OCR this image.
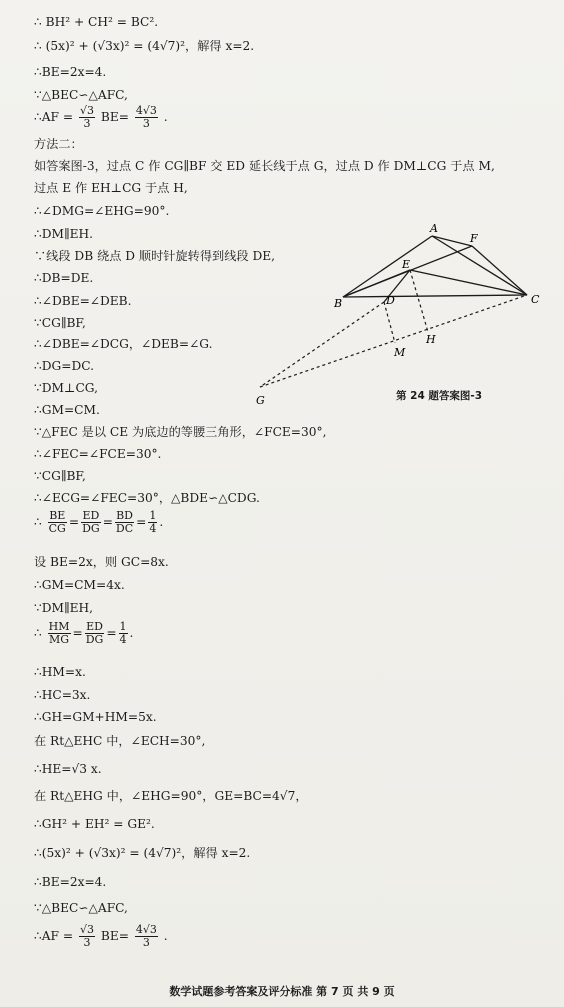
∴ BH² + CH² = BC².
∴ (5x)² + (√3x)² = (4√7)²，解得 x=2.
∴BE=2x=4.
∵△BEC∽△AFC,
∴AF = $\frac{√3}{3} BE= \frac{4√3}{3}$ .
方法二：
如答案图-3，过点 C 作 CG∥BF 交 ED 延长线于点 G，过点 D 作 DM⊥CG 于点 M,
过点 E 作 EH⊥CG 于点 H,
∴∠DMG=∠EHG=90°.
∴DM∥EH.
∵线段 DB 绕点 D 顺时针旋转得到线段 DE,
∴DB=DE.
∴∠DBE=∠DEB.
∵CG∥BF,
∴∠DBE=∠DCG，∠DEB=∠G.
∴DG=DC.
∵DM⊥CG,
∴GM=CM.
∵△FEC 是以 CE 为底边的等腰三角形，∠FCE=30°,
∴∠FEC=∠FCE=30°.
∵CG∥BF,
∴∠ECG=∠FEC=30°，△BDE∽△CDG.
∴ $\frac{BE}{CG} = \frac{ED}{DG} = \frac{BD}{DC} = \frac{1}{4}$ .
设 BE=2x，则 GC=8x.
∴GM=CM=4x.
∵DM∥EH,
∴ $\frac{HM}{MG} = \frac{ED}{DG} = \frac{1}{4}$ .
∴HM=x.
∴HC=3x.
∴GH=GM+HM=5x.
在 Rt△EHC 中，∠ECH=30°,
∴HE=√3 x.
在 Rt△EHG 中，∠EHG=90°，GE=BC=4√7，
∴GH² + EH² = GE².
∴(5x)² + (√3x)² = (4√7)²，解得 x=2.
∴BE=2x=4.
∵△BEC∽△AFC,
∴AF = $\frac{√3}{3} BE= \frac{4√3}{3}$ .
A
F
E
B	D	C
M
H
G	第 24 题答案图-3
数学试题参考答案及评分标准 第 7 页 共 9 页
